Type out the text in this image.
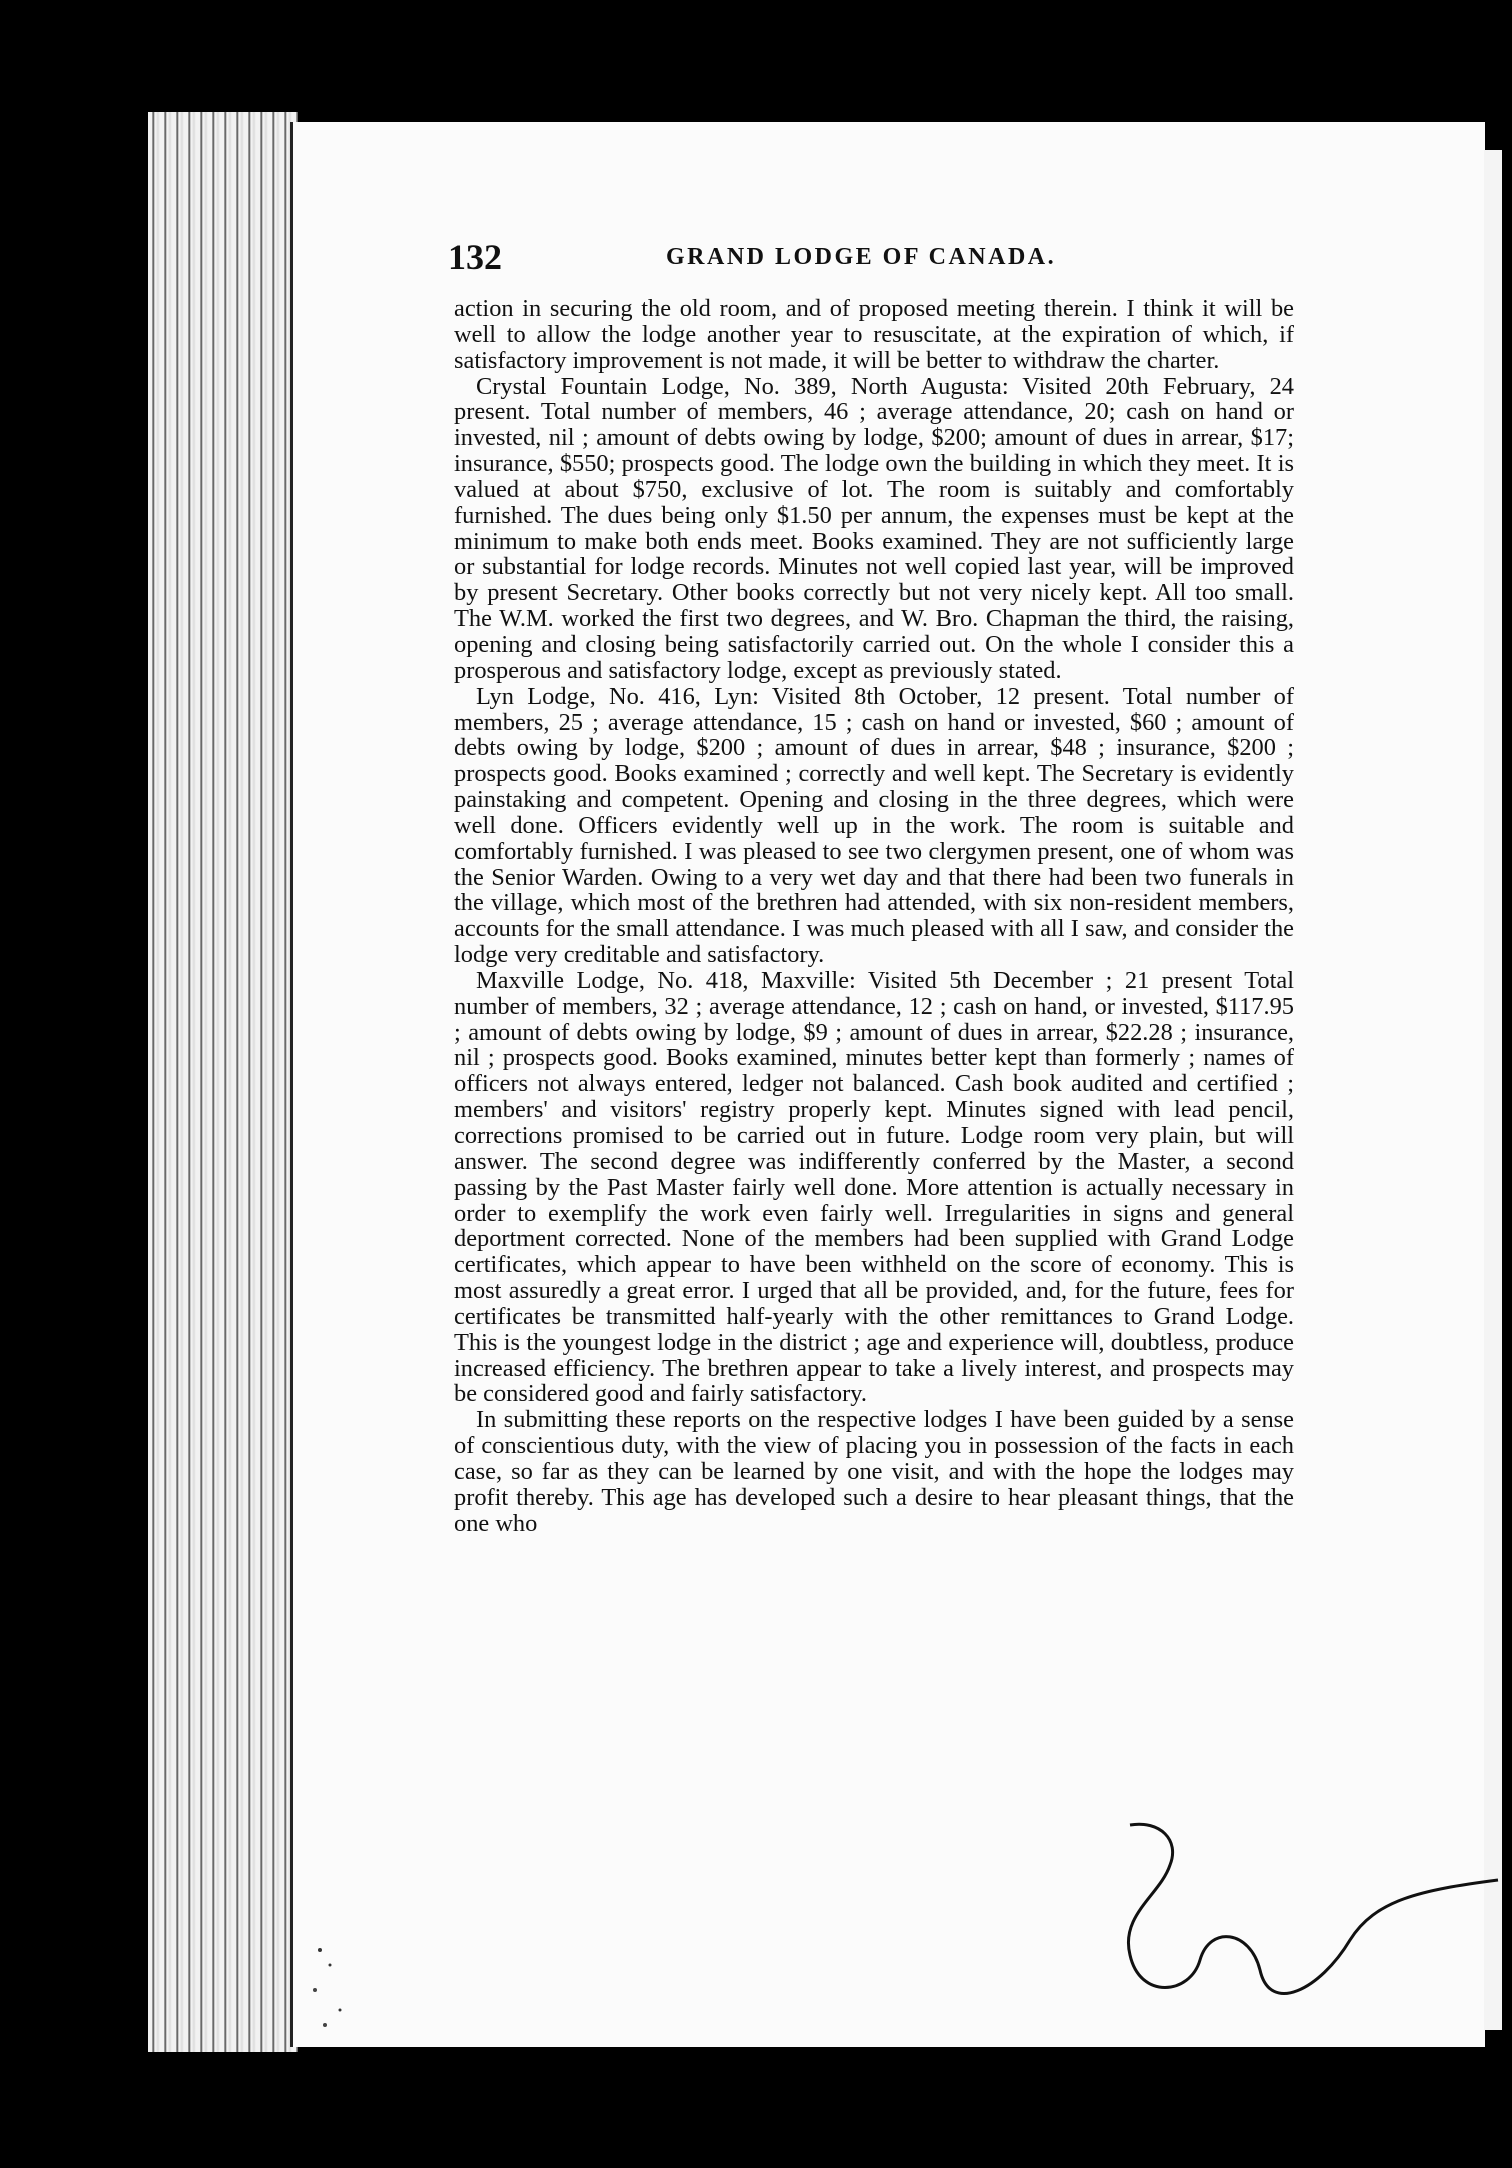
132	GRAND LODGE OF CANADA.

action in securing the old room, and of proposed meeting therein. I think it will be well to allow the lodge another year to resuscitate, at the expiration of which, if satisfactory improvement is not made, it will be better to withdraw the charter.

Crystal Fountain Lodge, No. 389, North Augusta: Visited 20th February, 24 present. Total number of members, 46 ; average attendance, 20; cash on hand or invested, nil ; amount of debts owing by lodge, $200; amount of dues in arrear, $17; insurance, $550; prospects good. The lodge own the building in which they meet. It is valued at about $750, exclusive of lot. The room is suitably and comfortably furnished. The dues being only $1.50 per annum, the expenses must be kept at the minimum to make both ends meet. Books examined. They are not sufficiently large or substantial for lodge records. Minutes not well copied last year, will be improved by present Secretary. Other books correctly but not very nicely kept. All too small. The W.M. worked the first two degrees, and W. Bro. Chapman the third, the raising, opening and closing being satisfactorily carried out. On the whole I consider this a prosperous and satisfactory lodge, except as previously stated.

Lyn Lodge, No. 416, Lyn: Visited 8th October, 12 present. Total number of members, 25 ; average attendance, 15 ; cash on hand or invested, $60 ; amount of debts owing by lodge, $200 ; amount of dues in arrear, $48 ; insurance, $200 ; prospects good. Books examined ; correctly and well kept. The Secretary is evidently painstaking and competent. Opening and closing in the three degrees, which were well done. Officers evidently well up in the work. The room is suitable and comfortably furnished. I was pleased to see two clergymen present, one of whom was the Senior Warden. Owing to a very wet day and that there had been two funerals in the village, which most of the brethren had attended, with six non-resident members, accounts for the small attendance. I was much pleased with all I saw, and consider the lodge very creditable and satisfactory.

Maxville Lodge, No. 418, Maxville: Visited 5th December ; 21 present Total number of members, 32 ; average attendance, 12 ; cash on hand, or invested, $117.95 ; amount of debts owing by lodge, $9 ; amount of dues in arrear, $22.28 ; insurance, nil ; prospects good. Books examined, minutes better kept than formerly ; names of officers not always entered, ledger not balanced. Cash book audited and certified ; members' and visitors' registry properly kept. Minutes signed with lead pencil, corrections promised to be carried out in future. Lodge room very plain, but will answer. The second degree was indifferently conferred by the Master, a second passing by the Past Master fairly well done. More attention is actually necessary in order to exemplify the work even fairly well. Irregularities in signs and general deportment corrected. None of the members had been supplied with Grand Lodge certificates, which appear to have been withheld on the score of economy. This is most assuredly a great error. I urged that all be provided, and, for the future, fees for certificates be transmitted half-yearly with the other remittances to Grand Lodge. This is the youngest lodge in the district ; age and experience will, doubtless, produce increased efficiency. The brethren appear to take a lively interest, and prospects may be considered good and fairly satisfactory.

In submitting these reports on the respective lodges I have been guided by a sense of conscientious duty, with the view of placing you in possession of the facts in each case, so far as they can be learned by one visit, and with the hope the lodges may profit thereby. This age has developed such a desire to hear pleasant things, that the one who
